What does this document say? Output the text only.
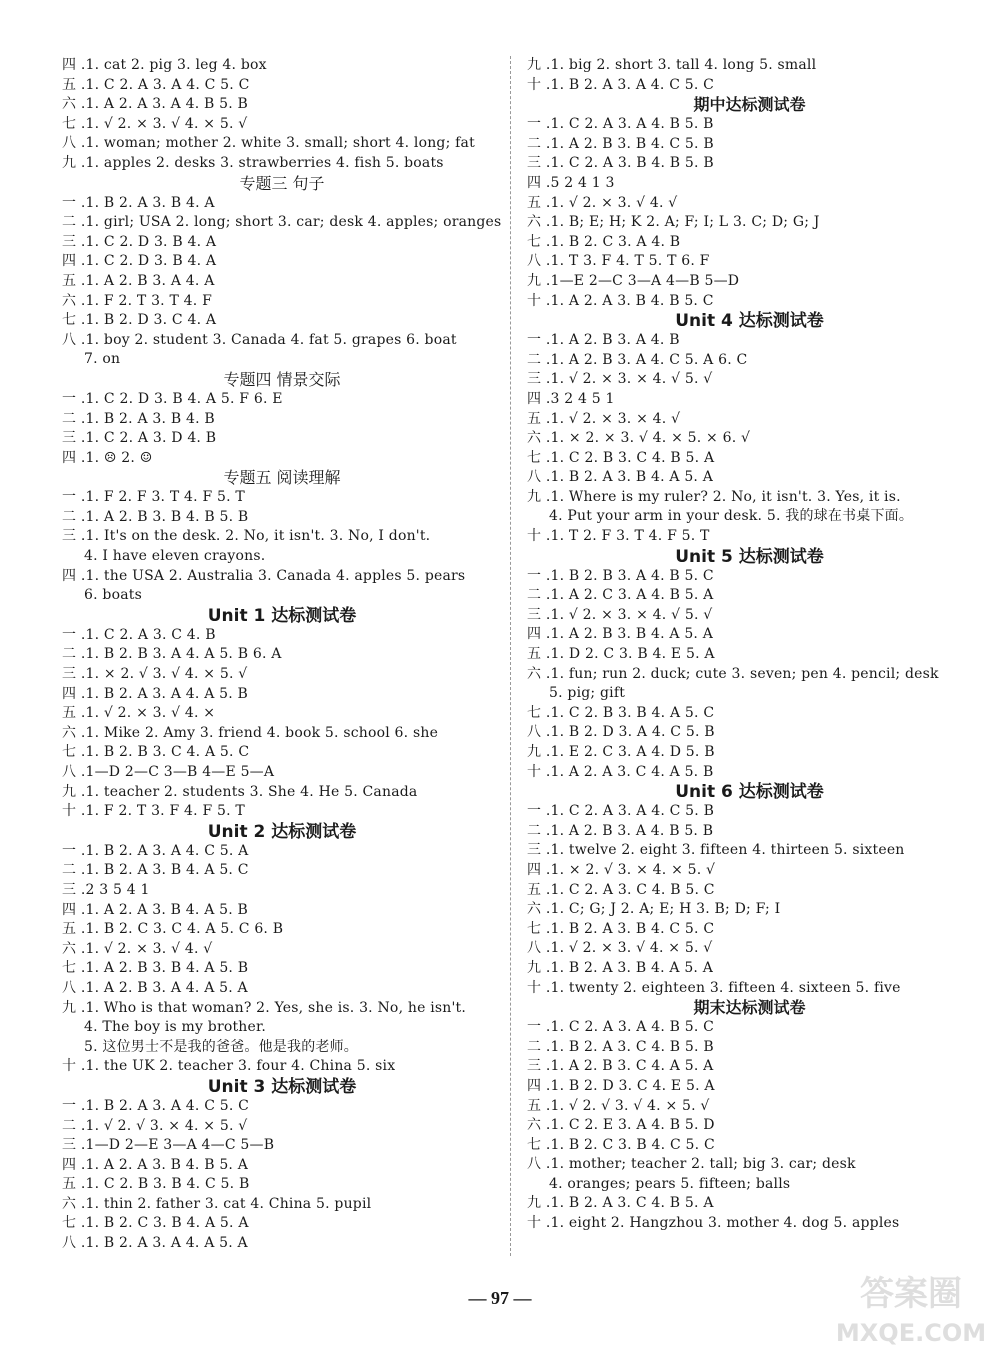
四 .1. cat 2. pig 3. leg 4. box
五 .1. C 2. A 3. A 4. C 5. C
六 .1. A 2. A 3. A 4. B 5. B
七 .1. √ 2. × 3. √ 4. × 5. √
八 .1. woman; mother 2. white 3. small; short 4. long; fat
九 .1. apples 2. desks 3. strawberries 4. fish 5. boats
专题三 句子
一 .1. B 2. A 3. B 4. A
二 .1. girl; USA 2. long; short 3. car; desk 4. apples; oranges
三 .1. C 2. D 3. B 4. A
四 .1. C 2. D 3. B 4. A
五 .1. A 2. B 3. A 4. A
六 .1. F 2. T 3. T 4. F
七 .1. B 2. D 3. C 4. A
八 .1. boy 2. student 3. Canada 4. fat 5. grapes 6. boat
7. on
专题四 情景交际
一 .1. C 2. D 3. B 4. A 5. F 6. E
二 .1. B 2. A 3. B 4. B
三 .1. C 2. A 3. D 4. B
四 .1. ☹ 2. ☺
专题五 阅读理解
一 .1. F 2. F 3. T 4. F 5. T
二 .1. A 2. B 3. B 4. B 5. B
三 .1. It's on the desk. 2. No, it isn't. 3. No, I don't.
4. I have eleven crayons.
四 .1. the USA 2. Australia 3. Canada 4. apples 5. pears
6. boats
Unit 1 达标测试卷
一 .1. C 2. A 3. C 4. B
二 .1. B 2. B 3. A 4. A 5. B 6. A
三 .1. × 2. √ 3. √ 4. × 5. √
四 .1. B 2. A 3. A 4. A 5. B
五 .1. √ 2. × 3. √ 4. ×
六 .1. Mike 2. Amy 3. friend 4. book 5. school 6. she
七 .1. B 2. B 3. C 4. A 5. C
八 .1—D 2—C 3—B 4—E 5—A
九 .1. teacher 2. students 3. She 4. He 5. Canada
十 .1. F 2. T 3. F 4. F 5. T
Unit 2 达标测试卷
一 .1. B 2. A 3. A 4. C 5. A
二 .1. B 2. A 3. B 4. A 5. C
三 .2 3 5 4 1
四 .1. A 2. A 3. B 4. A 5. B
五 .1. B 2. C 3. C 4. A 5. C 6. B
六 .1. √ 2. × 3. √ 4. √
七 .1. A 2. B 3. B 4. A 5. B
八 .1. A 2. B 3. A 4. A 5. A
九 .1. Who is that woman? 2. Yes, she is. 3. No, he isn't.
4. The boy is my brother.
5. 这位男士不是我的爸爸。他是我的老师。
十 .1. the UK 2. teacher 3. four 4. China 5. six
Unit 3 达标测试卷
一 .1. B 2. A 3. A 4. C 5. C
二 .1. √ 2. √ 3. × 4. × 5. √
三 .1—D 2—E 3—A 4—C 5—B
四 .1. A 2. A 3. B 4. B 5. A
五 .1. C 2. B 3. B 4. C 5. B
六 .1. thin 2. father 3. cat 4. China 5. pupil
七 .1. B 2. C 3. B 4. A 5. A
八 .1. B 2. A 3. A 4. A 5. A
九 .1. big 2. short 3. tall 4. long 5. small
十 .1. B 2. A 3. A 4. C 5. C
期中达标测试卷
一 .1. C 2. A 3. A 4. B 5. B
二 .1. A 2. B 3. B 4. C 5. B
三 .1. C 2. A 3. B 4. B 5. B
四 .5 2 4 1 3
五 .1. √ 2. × 3. √ 4. √
六 .1. B; E; H; K 2. A; F; I; L 3. C; D; G; J
七 .1. B 2. C 3. A 4. B
八 .1. T 3. F 4. T 5. T 6. F
九 .1—E 2—C 3—A 4—B 5—D
十 .1. A 2. A 3. B 4. B 5. C
Unit 4 达标测试卷
一 .1. A 2. B 3. A 4. B
二 .1. A 2. B 3. A 4. C 5. A 6. C
三 .1. √ 2. × 3. × 4. √ 5. √
四 .3 2 4 5 1
五 .1. √ 2. × 3. × 4. √
六 .1. × 2. × 3. √ 4. × 5. × 6. √
七 .1. C 2. B 3. C 4. B 5. A
八 .1. B 2. A 3. B 4. A 5. A
九 .1. Where is my ruler? 2. No, it isn't. 3. Yes, it is.
4. Put your arm in your desk. 5. 我的球在书桌下面。
十 .1. T 2. F 3. T 4. F 5. T
Unit 5 达标测试卷
一 .1. B 2. B 3. A 4. B 5. C
二 .1. A 2. C 3. A 4. B 5. A
三 .1. √ 2. × 3. × 4. √ 5. √
四 .1. A 2. B 3. B 4. A 5. A
五 .1. D 2. C 3. B 4. E 5. A
六 .1. fun; run 2. duck; cute 3. seven; pen 4. pencil; desk
5. pig; gift
七 .1. C 2. B 3. B 4. A 5. C
八 .1. B 2. D 3. A 4. C 5. B
九 .1. E 2. C 3. A 4. D 5. B
十 .1. A 2. A 3. C 4. A 5. B
Unit 6 达标测试卷
一 .1. C 2. A 3. A 4. C 5. B
二 .1. A 2. B 3. A 4. B 5. B
三 .1. twelve 2. eight 3. fifteen 4. thirteen 5. sixteen
四 .1. × 2. √ 3. × 4. × 5. √
五 .1. C 2. A 3. C 4. B 5. C
六 .1. C; G; J 2. A; E; H 3. B; D; F; I
七 .1. B 2. A 3. B 4. C 5. C
八 .1. √ 2. × 3. √ 4. × 5. √
九 .1. B 2. A 3. B 4. A 5. A
十 .1. twenty 2. eighteen 3. fifteen 4. sixteen 5. five
期末达标测试卷
一 .1. C 2. A 3. A 4. B 5. C
二 .1. B 2. A 3. C 4. B 5. B
三 .1. A 2. B 3. C 4. A 5. A
四 .1. B 2. D 3. C 4. E 5. A
五 .1. √ 2. √ 3. √ 4. × 5. √
六 .1. C 2. E 3. A 4. B 5. D
七 .1. B 2. C 3. B 4. C 5. C
八 .1. mother; teacher 2. tall; big 3. car; desk
4. oranges; pears 5. fifteen; balls
九 .1. B 2. A 3. C 4. B 5. A
十 .1. eight 2. Hangzhou 3. mother 4. dog 5. apples
— 97 —	答案圈
MXQE.COM
